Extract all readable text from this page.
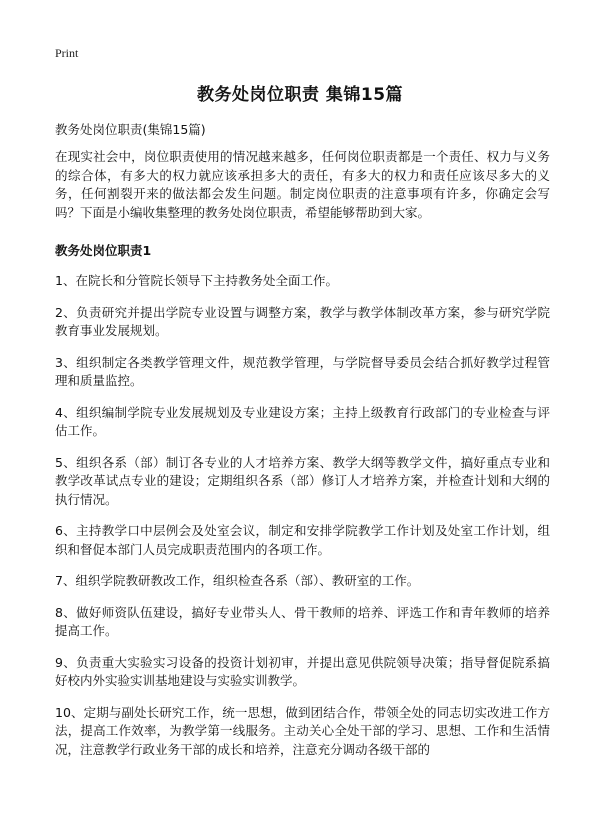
Print
教务处岗位职责 集锦15篇

教务处岗位职责(集锦15篇)

在现实社会中，岗位职责使用的情况越来越多，任何岗位职责都是一个责任、权力与义务的综合体，有多大的权力就应该承担多大的责任，有多大的权力和责任应该尽多大的义务，任何割裂开来的做法都会发生问题。制定岗位职责的注意事项有许多，你确定会写吗？下面是小编收集整理的教务处岗位职责，希望能够帮助到大家。

教务处岗位职责1

1、在院长和分管院长领导下主持教务处全面工作。

2、负责研究并提出学院专业设置与调整方案，教学与教学体制改革方案，参与研究学院教育事业发展规划。

3、组织制定各类教学管理文件，规范教学管理，与学院督导委员会结合抓好教学过程管理和质量监控。

4、组织编制学院专业发展规划及专业建设方案；主持上级教育行政部门的专业检查与评估工作。

5、组织各系（部）制订各专业的人才培养方案、教学大纲等教学文件，搞好重点专业和教学改革试点专业的建设；定期组织各系（部）修订人才培养方案，并检查计划和大纲的执行情况。

6、主持教学口中层例会及处室会议，制定和安排学院教学工作计划及处室工作计划，组织和督促本部门人员完成职责范围内的各项工作。

7、组织学院教研教改工作，组织检查各系（部）、教研室的工作。

8、做好师资队伍建设，搞好专业带头人、骨干教师的培养、评选工作和青年教师的培养提高工作。

9、负责重大实验实习设备的投资计划初审，并提出意见供院领导决策；指导督促院系搞好校内外实验实训基地建设与实验实训教学。

10、定期与副处长研究工作，统一思想，做到团结合作，带领全处的同志切实改进工作方法，提高工作效率，为教学第一线服务。主动关心全处干部的学习、思想、工作和生活情况，注意教学行政业务干部的成长和培养，注意充分调动各级干部的
